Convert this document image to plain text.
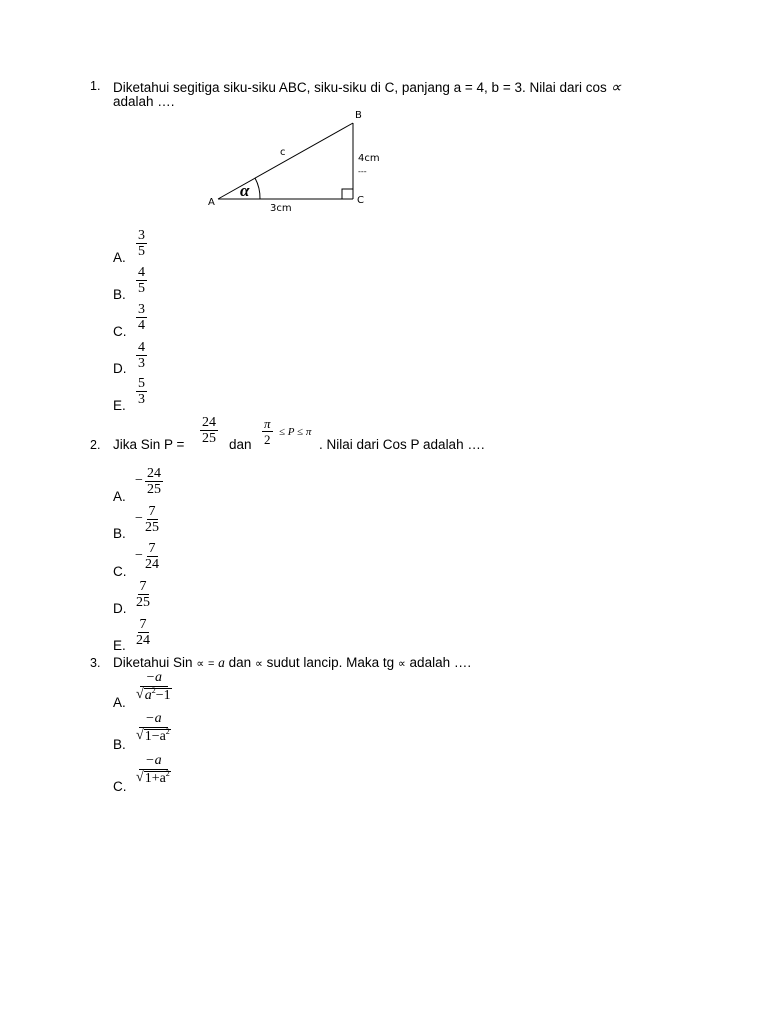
1. Diketahui segitiga siku-siku ABC, siku-siku di C, panjang a = 4, b = 3. Nilai dari cos ∝
adalah ….
A
B
C
c
4cm
---
3cm
α
A. $\frac{3}{5}$
B. $\frac{4}{5}$
C. $\frac{3}{4}$
D. $\frac{4}{3}$
E. $\frac{5}{3}$
2. Jika Sin $P = \frac{24}{25}$ dan $\frac{\pi}{2} \le P \le \pi$
. Nilai dari Cos P adalah ….
A.
− $\frac{24}{25}$
B.
− $\frac{7}{25}$
C.
− $\frac{7}{24}$
D. $\frac{7}{25}$
E. $\frac{7}{24}$
3. Diketahui Sin ∝ = a dan ∝ sudut lancip. Maka tg ∝ adalah ….
A.
$\frac{-a}{√ a^2-1}$
B.
$\frac{-a}{√ 1-a^2}$
C.
$\frac{-a}{√ 1+a^2}$
